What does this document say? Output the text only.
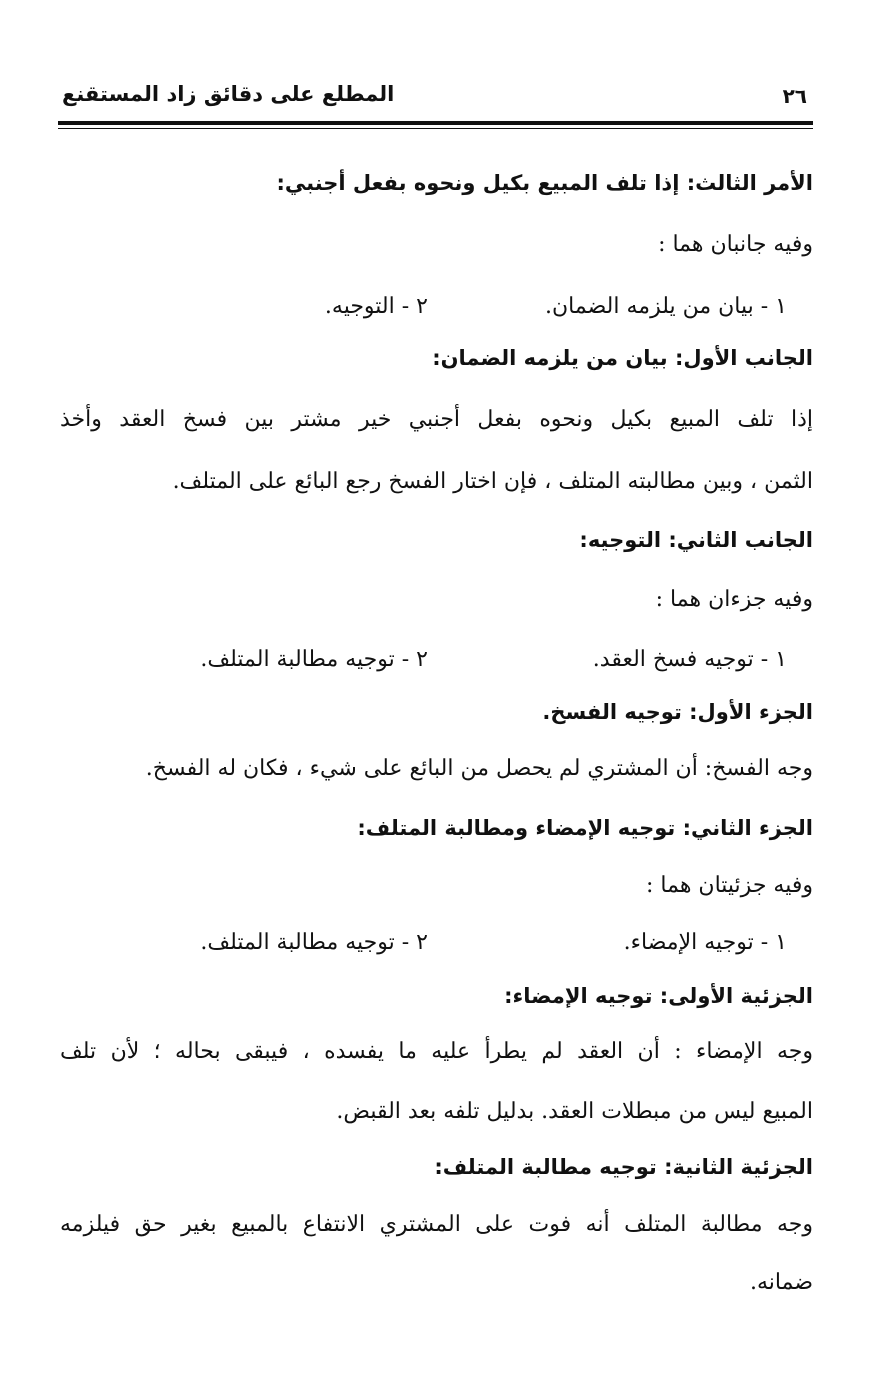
المطلع على دقائق زاد المستقنع	٢٦
الأمر الثالث: إذا تلف المبيع بكيل ونحوه بفعل أجنبي:
وفيه جانبان هما :
١ - بيان من يلزمه الضمان.
٢ - التوجيه.
الجانب الأول: بيان من يلزمه الضمان:
إذا تلف المبيع بكيل ونحوه بفعل أجنبي خير مشتر بين فسخ العقد وأخذ
الثمن ، وبين مطالبته المتلف ، فإن اختار الفسخ رجع البائع على المتلف.
الجانب الثاني: التوجيه:
وفيه جزءان هما :
١ - توجيه فسخ العقد.
٢ - توجيه مطالبة المتلف.
الجزء الأول: توجيه الفسخ.
وجه الفسخ: أن المشتري لم يحصل من البائع على شيء ، فكان له الفسخ.
الجزء الثاني: توجيه الإمضاء ومطالبة المتلف:
وفيه جزئيتان هما :
١ - توجيه الإمضاء.
٢ - توجيه مطالبة المتلف.
الجزئية الأولى: توجيه الإمضاء:
وجه الإمضاء : أن العقد لم يطرأ عليه ما يفسده ، فيبقى بحاله ؛ لأن تلف
المبيع ليس من مبطلات العقد. بدليل تلفه بعد القبض.
الجزئية الثانية: توجيه مطالبة المتلف:
وجه مطالبة المتلف أنه فوت على المشتري الانتفاع بالمبيع بغير حق فيلزمه
ضمانه.
